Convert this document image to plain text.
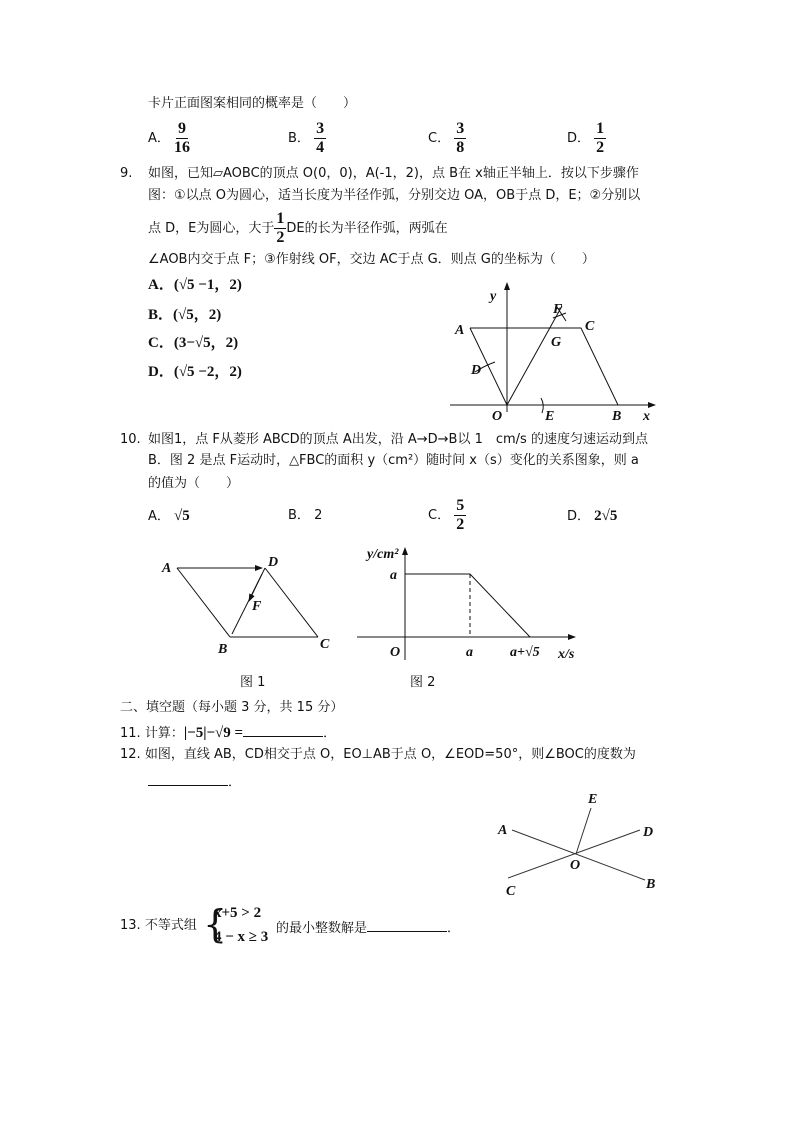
卡片正面图案相同的概率是（　　）
A． $\frac{9}{16}$	B． $\frac{3}{4}$	C． $\frac{3}{8}$	D． $\frac{1}{2}$
9. 如图，已知▱AOBC的顶点 O(0，0)，A(-1，2)，点 B在 x轴正半轴上．按以下步骤作
图：①以点 O为圆心，适当长度为半径作弧，分别交边 OA，OB于点 D，E；②分别以
点 D，E为圆心，大于 $\frac{1}{2}$ DE的长为半径作弧，两弧在
∠AOB内交于点 F；③作射线 OF，交边 AC于点 G．则点 G的坐标为（　　）
A．(√5 −1，2)
B．(√5，2)
C．(3−√5，2)
D．(√5 −2，2)
y
x
A	C
F
G
D
O	E	B
A	D
F
B	C
y/cm²
a
O	a	a+√5 x/s
A
E
D
O
C	B
10. 如图1，点 F从菱形 ABCD的顶点 A出发，沿 A→D→B以 1　cm/s 的速度匀速运动到点
B．图 2 是点 F运动时，△FBC的面积 y（cm²）随时间 x（s）变化的关系图象，则 a
的值为（　　）
A． √5	B． 2	C． $\frac{5}{2}$	D． 2√5
图 1	图 2
二、填空题（每小题 3 分，共 15 分）
11. 计算：|−5|−√9 =	．
12. 如图，直线 AB，CD相交于点 O，EO⊥AB于点 O，∠EOD=50°，则∠BOC的度数为
．
13. 不等式组 {
x+5 > 2
4 − x ≥ 3
的最小整数解是	．
